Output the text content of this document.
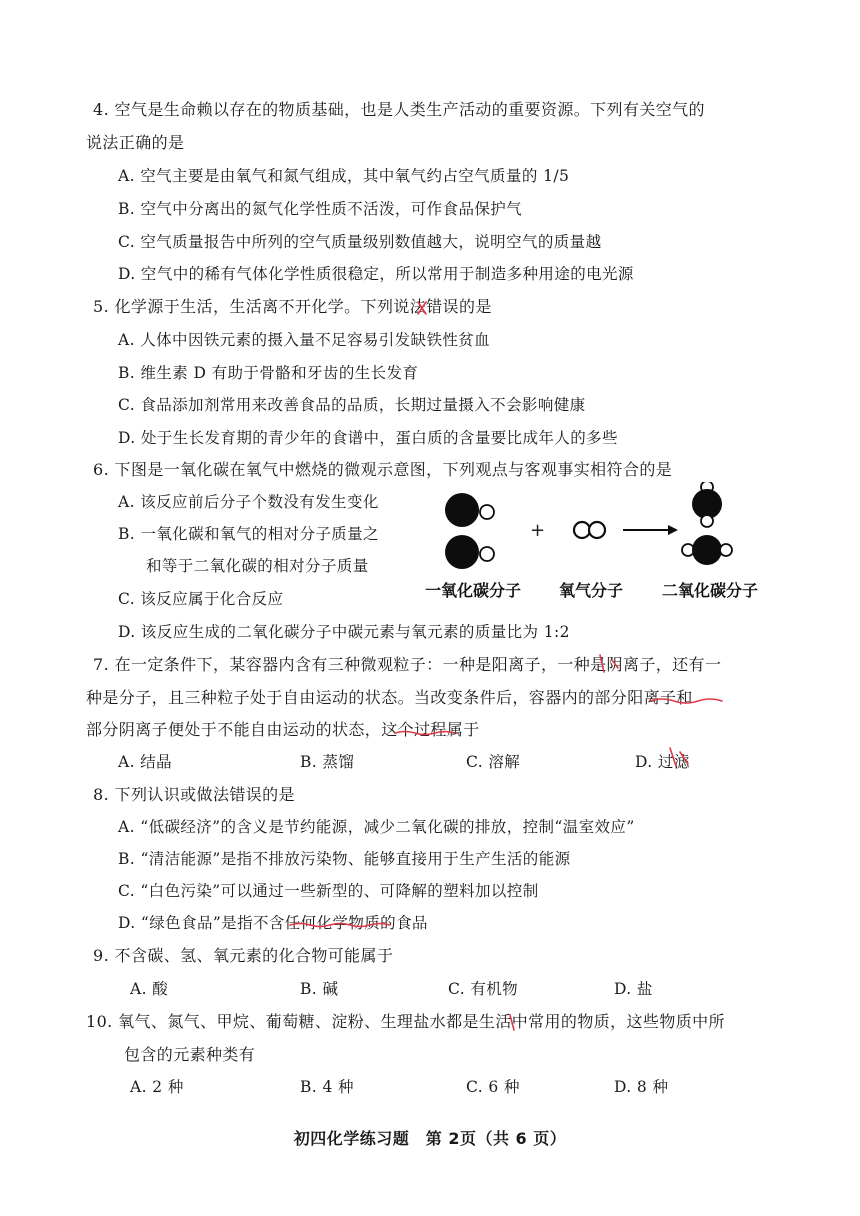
4. 空气是生命赖以存在的物质基础，也是人类生产活动的重要资源。下列有关空气的
说法正确的是
A. 空气主要是由氧气和氮气组成，其中氧气约占空气质量的 1/5
B. 空气中分离出的氮气化学性质不活泼，可作食品保护气
C. 空气质量报告中所列的空气质量级别数值越大，说明空气的质量越
D. 空气中的稀有气体化学性质很稳定，所以常用于制造多种用途的电光源
5. 化学源于生活，生活离不开化学。下列说法错误的是
A. 人体中因铁元素的摄入量不足容易引发缺铁性贫血
B. 维生素 D 有助于骨骼和牙齿的生长发育
C. 食品添加剂常用来改善食品的品质，长期过量摄入不会影响健康
D. 处于生长发育期的青少年的食谱中，蛋白质的含量要比成年人的多些
6. 下图是一氧化碳在氧气中燃烧的微观示意图，下列观点与客观事实相符合的是
A. 该反应前后分子个数没有发生变化
B. 一氧化碳和氧气的相对分子质量之
和等于二氧化碳的相对分子质量
C. 该反应属于化合反应
D. 该反应生成的二氧化碳分子中碳元素与氧元素的质量比为 1:2
+
一氧化碳分子 氧气分子 二氧化碳分子
7. 在一定条件下，某容器内含有三种微观粒子：一种是阳离子，一种是阴离子，还有一
种是分子，且三种粒子处于自由运动的状态。当改变条件后，容器内的部分阳离子和
部分阴离子便处于不能自由运动的状态，这个过程属于
A. 结晶	B. 蒸馏	C. 溶解	D. 过滤
8. 下列认识或做法错误的是
A. “低碳经济”的含义是节约能源，减少二氧化碳的排放，控制“温室效应”
B. “清洁能源”是指不排放污染物、能够直接用于生产生活的能源
C. “白色污染”可以通过一些新型的、可降解的塑料加以控制
D. “绿色食品”是指不含任何化学物质的食品
9. 不含碳、氢、氧元素的化合物可能属于
A. 酸	B. 碱	C. 有机物	D. 盐
10. 氧气、氮气、甲烷、葡萄糖、淀粉、生理盐水都是生活中常用的物质，这些物质中所
包含的元素种类有
A. 2 种	B. 4 种	C. 6 种	D. 8 种
初四化学练习题　第 2页（共 6 页）
